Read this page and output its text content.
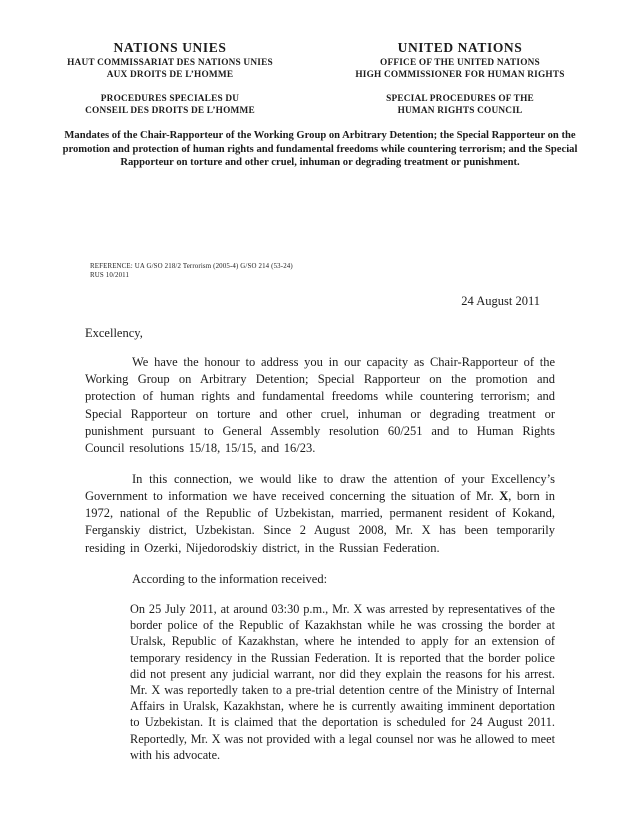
NATIONS UNIES
HAUT COMMISSARIAT DES NATIONS UNIES
AUX DROITS DE L’HOMME
PROCEDURES SPECIALES DU
CONSEIL DES DROITS DE L’HOMME
UNITED NATIONS
OFFICE OF THE UNITED NATIONS
HIGH COMMISSIONER FOR HUMAN RIGHTS
SPECIAL PROCEDURES OF THE
HUMAN RIGHTS COUNCIL
Mandates of the Chair-Rapporteur of the Working Group on Arbitrary Detention; the Special Rapporteur on the promotion and protection of human rights and fundamental freedoms while countering terrorism; and the Special Rapporteur on torture and other cruel, inhuman or degrading treatment or punishment.
REFERENCE: UA G/SO 218/2 Terrorism (2005-4) G/SO 214 (53-24)
RUS 10/2011
24 August 2011
Excellency,

We have the honour to address you in our capacity as Chair-Rapporteur of the Working Group on Arbitrary Detention; Special Rapporteur on the promotion and protection of human rights and fundamental freedoms while countering terrorism; and Special Rapporteur on torture and other cruel, inhuman or degrading treatment or punishment pursuant to General Assembly resolution 60/251 and to Human Rights Council resolutions 15/18, 15/15, and 16/23.

In this connection, we would like to draw the attention of your Excellency’s Government to information we have received concerning the situation of Mr. X, born in 1972, national of the Republic of Uzbekistan, married, permanent resident of Kokand, Ferganskiy district, Uzbekistan. Since 2 August 2008, Mr. X has been temporarily residing in Ozerki, Nijedorodskiy district, in the Russian Federation.

According to the information received:

On 25 July 2011, at around 03:30 p.m., Mr. X was arrested by representatives of the border police of the Republic of Kazakhstan while he was crossing the border at Uralsk, Republic of Kazakhstan, where he intended to apply for an extension of temporary residency in the Russian Federation. It is reported that the border police did not present any judicial warrant, nor did they explain the reasons for his arrest. Mr. X was reportedly taken to a pre-trial detention centre of the Ministry of Internal Affairs in Uralsk, Kazakhstan, where he is currently awaiting imminent deportation to Uzbekistan. It is claimed that the deportation is scheduled for 24 August 2011. Reportedly, Mr. X was not provided with a legal counsel nor was he allowed to meet with his advocate.
